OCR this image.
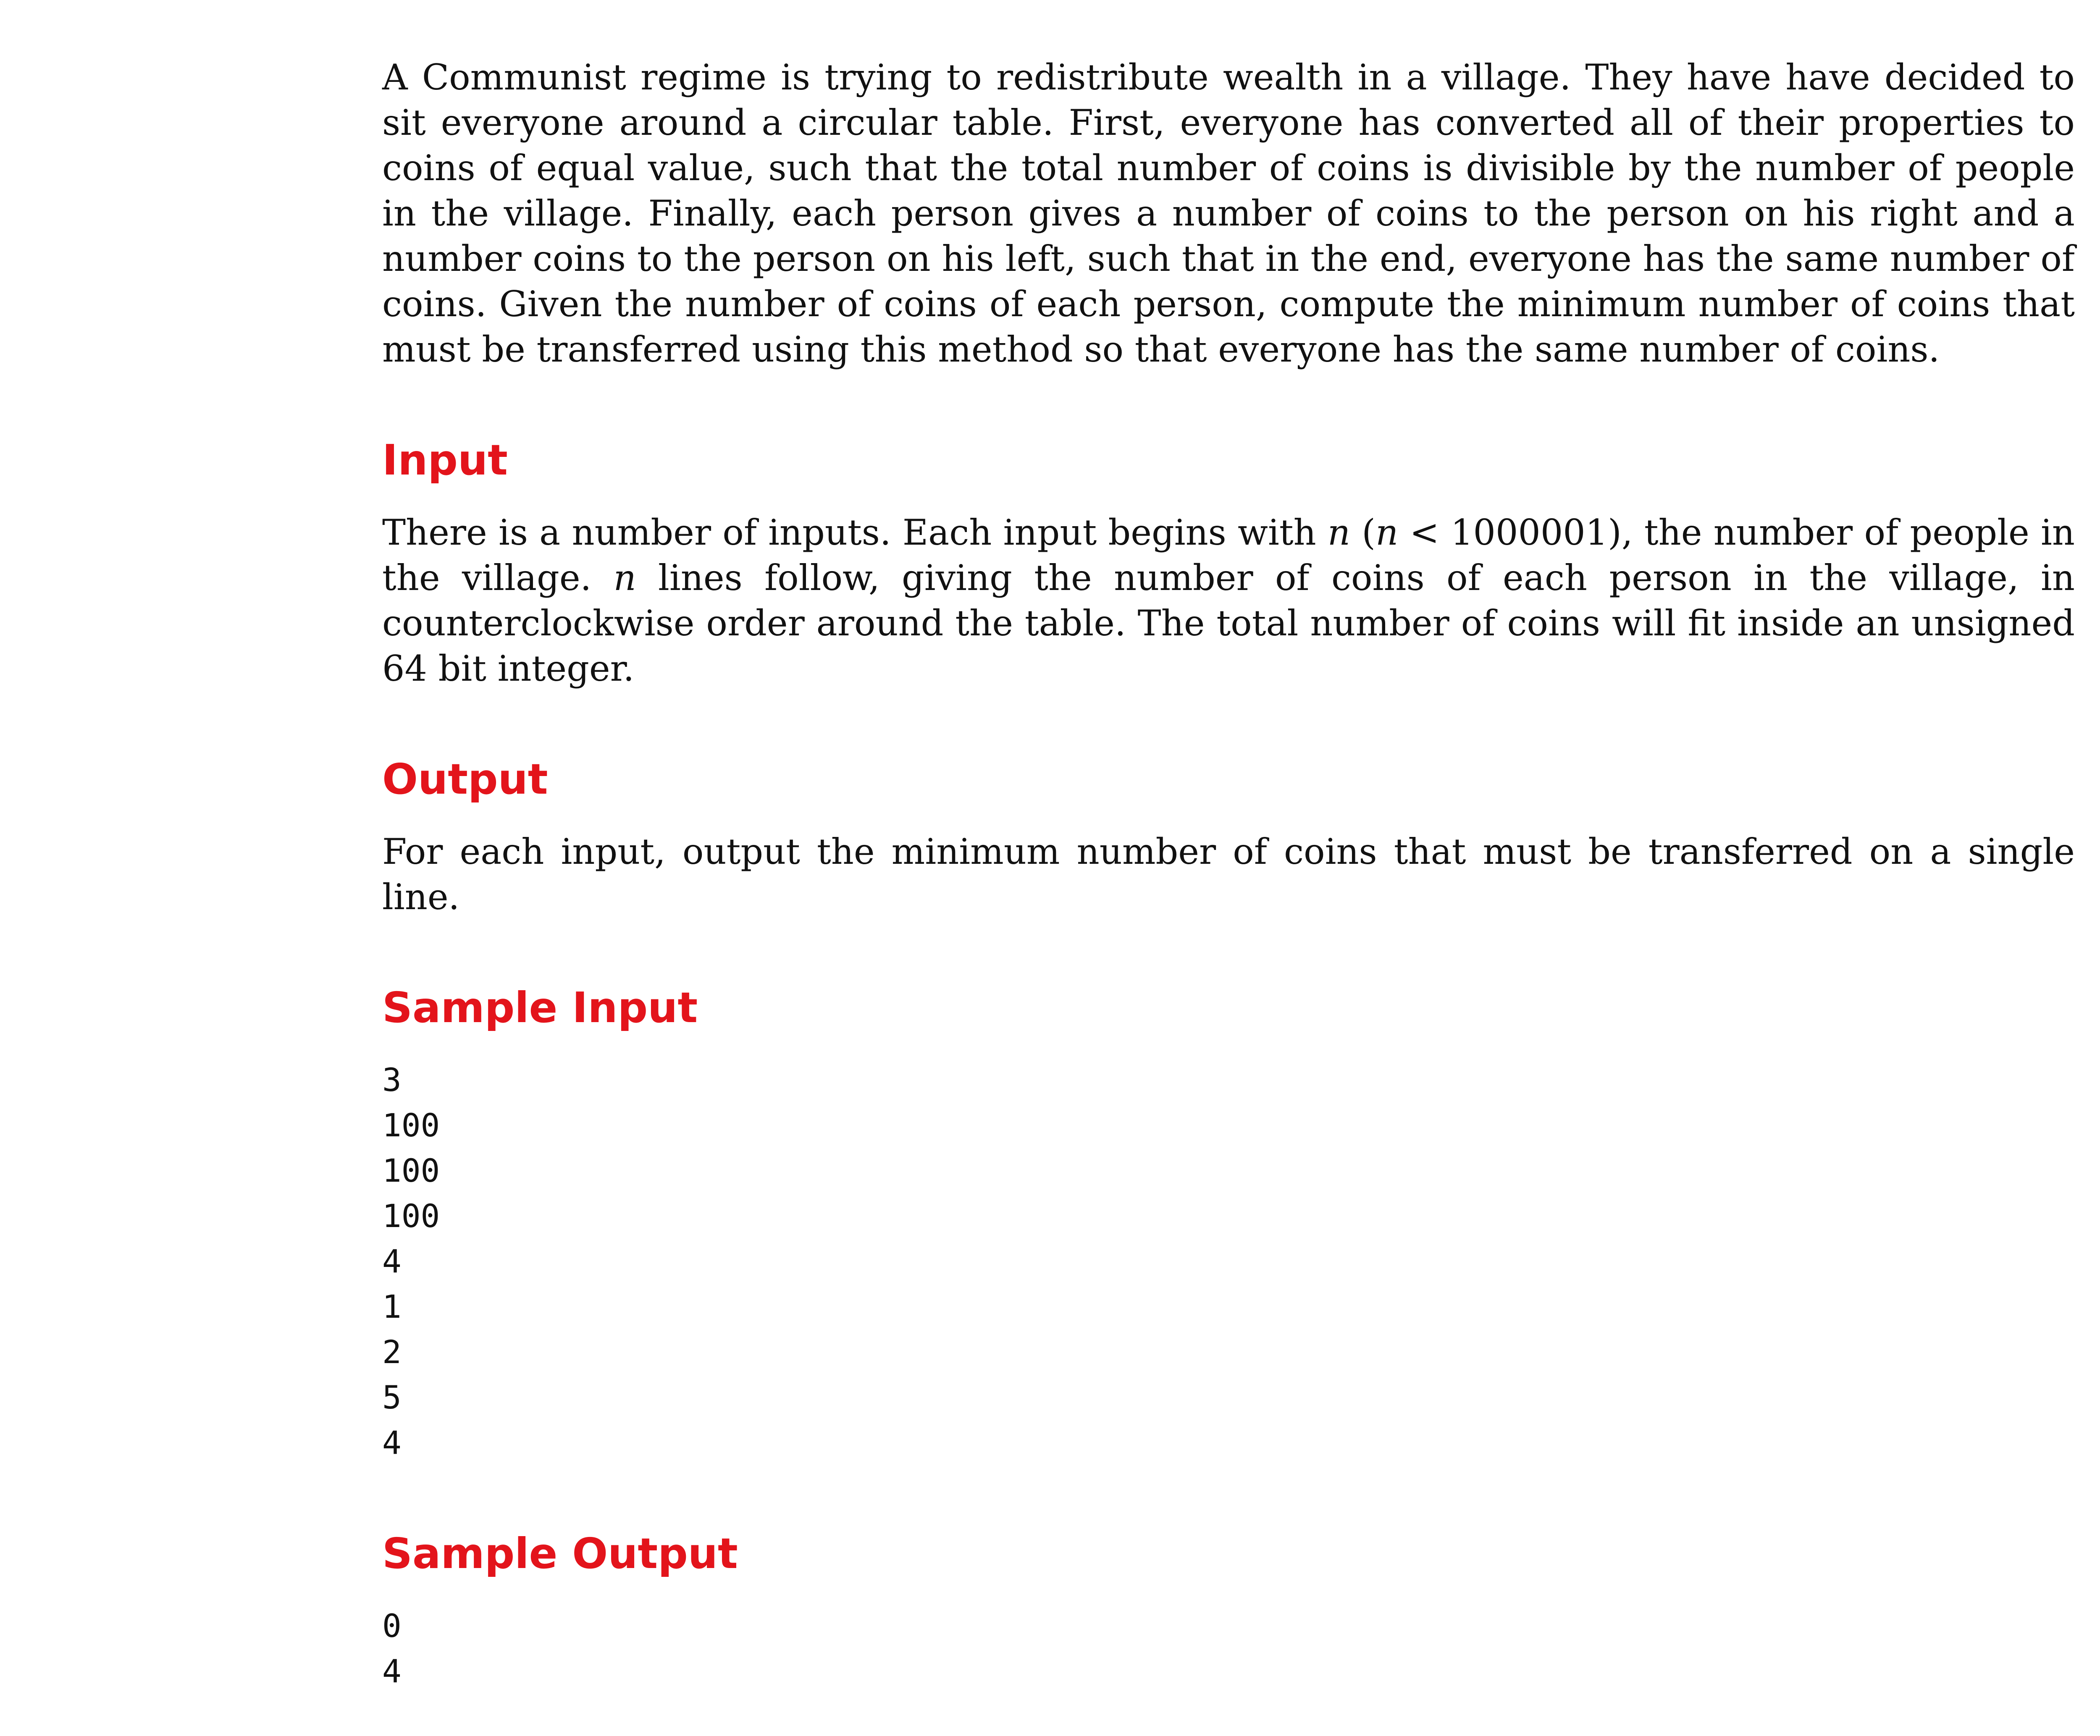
A Communist regime is trying to redistribute wealth in a village. They have have decided to sit everyone around a circular table. First, everyone has converted all of their properties to coins of equal value, such that the total number of coins is divisible by the number of people in the village. Finally, each person gives a number of coins to the person on his right and a number coins to the person on his left, such that in the end, everyone has the same number of coins. Given the number of coins of each person, compute the minimum number of coins that must be transferred using this method so that everyone has the same number of coins.

Input

There is a number of inputs. Each input begins with n (n < 1000001), the number of people in the village. n lines follow, giving the number of coins of each person in the village, in counterclockwise order around the table. The total number of coins will fit inside an unsigned 64 bit integer.

Output

For each input, output the minimum number of coins that must be transferred on a single line.

Sample Input
3
100
100
100
4
1
2
5
4
Sample Output
0
4
